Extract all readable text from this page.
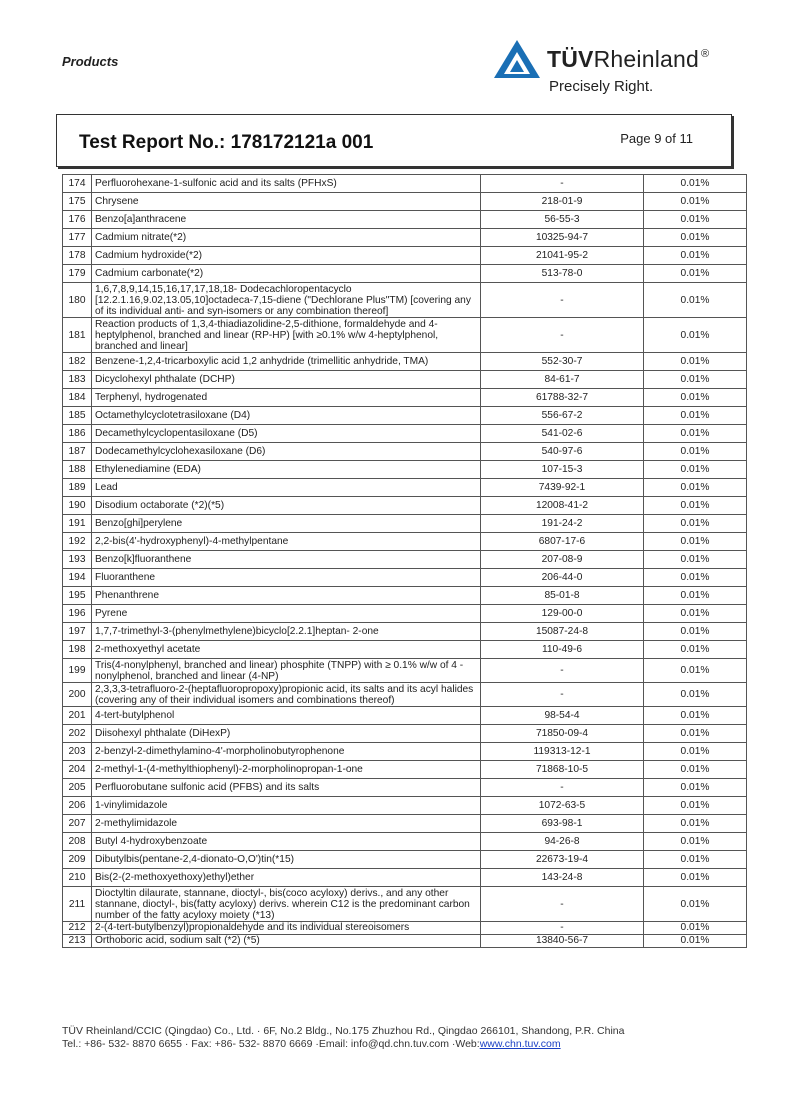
Products	TÜVRheinland ®
Precisely Right.
Test Report No.: 178172121a 001	Page 9 of 11
174	Perfluorohexane-1-sulfonic acid and its salts (PFHxS)	-	0.01%
175	Chrysene	218-01-9	0.01%
176	Benzo[a]anthracene	56-55-3	0.01%
177	Cadmium nitrate(*2)	10325-94-7	0.01%
178	Cadmium hydroxide(*2)	21041-95-2	0.01%
179	Cadmium carbonate(*2)	513-78-0	0.01%
180	1,6,7,8,9,14,15,16,17,17,18,18- Dodecachloropentacyclo [12.2.1.16,9.02,13.05,10]octadeca-7,15-diene ("Dechlorane Plus"TM) [covering any of its individual anti- and syn-isomers or any combination thereof]	-	0.01%
181	Reaction products of 1,3,4-thiadiazolidine-2,5-dithione, formaldehyde and 4-heptylphenol, branched and linear (RP-HP) [with ≥0.1% w/w 4-heptylphenol, branched and linear]	-	0.01%
182	Benzene-1,2,4-tricarboxylic acid 1,2 anhydride (trimellitic anhydride, TMA)	552-30-7	0.01%
183	Dicyclohexyl phthalate (DCHP)	84-61-7	0.01%
184	Terphenyl, hydrogenated	61788-32-7	0.01%
185	Octamethylcyclotetrasiloxane (D4)	556-67-2	0.01%
186	Decamethylcyclopentasiloxane (D5)	541-02-6	0.01%
187	Dodecamethylcyclohexasiloxane (D6)	540-97-6	0.01%
188	Ethylenediamine (EDA)	107-15-3	0.01%
189	Lead	7439-92-1	0.01%
190	Disodium octaborate (*2)(*5)	12008-41-2	0.01%
191	Benzo[ghi]perylene	191-24-2	0.01%
192	2,2-bis(4'-hydroxyphenyl)-4-methylpentane	6807-17-6	0.01%
193	Benzo[k]fluoranthene	207-08-9	0.01%
194	Fluoranthene	206-44-0	0.01%
195	Phenanthrene	85-01-8	0.01%
196	Pyrene	129-00-0	0.01%
197	1,7,7-trimethyl-3-(phenylmethylene)bicyclo[2.2.1]heptan- 2-one	15087-24-8	0.01%
198	2-methoxyethyl acetate	110-49-6	0.01%
199	Tris(4-nonylphenyl, branched and linear) phosphite (TNPP) with ≥ 0.1% w/w of 4 -nonylphenol, branched and linear (4-NP)	-	0.01%
200	2,3,3,3-tetrafluoro-2-(heptafluoropropoxy)propionic acid, its salts and its acyl halides (covering any of their individual isomers and combinations thereof)	-	0.01%
201	4-tert-butylphenol	98-54-4	0.01%
202	Diisohexyl phthalate (DiHexP)	71850-09-4	0.01%
203	2-benzyl-2-dimethylamino-4'-morpholinobutyrophenone	119313-12-1	0.01%
204	2-methyl-1-(4-methylthiophenyl)-2-morpholinopropan-1-one	71868-10-5	0.01%
205	Perfluorobutane sulfonic acid (PFBS) and its salts	-	0.01%
206	1-vinylimidazole	1072-63-5	0.01%
207	2-methylimidazole	693-98-1	0.01%
208	Butyl 4-hydroxybenzoate	94-26-8	0.01%
209	Dibutylbis(pentane-2,4-dionato-O,O')tin(*15)	22673-19-4	0.01%
210	Bis(2-(2-methoxyethoxy)ethyl)ether	143-24-8	0.01%
211	Dioctyltin dilaurate, stannane, dioctyl-, bis(coco acyloxy) derivs., and any other stannane, dioctyl-, bis(fatty acyloxy) derivs. wherein C12 is the predominant carbon number of the fatty acyloxy moiety (*13)	-	0.01%
212	2-(4-tert-butylbenzyl)propionaldehyde and its individual stereoisomers	-	0.01%
213	Orthoboric acid, sodium salt (*2) (*5)	13840-56-7	0.01%
TÜV Rheinland/CCIC (Qingdao) Co., Ltd. · 6F, No.2 Bldg., No.175 Zhuzhou Rd., Qingdao 266101, Shandong, P.R. China
Tel.: +86- 532- 8870 6655 · Fax: +86- 532- 8870 6669 ·Email: info@qd.chn.tuv.com ·Web:www.chn.tuv.com
